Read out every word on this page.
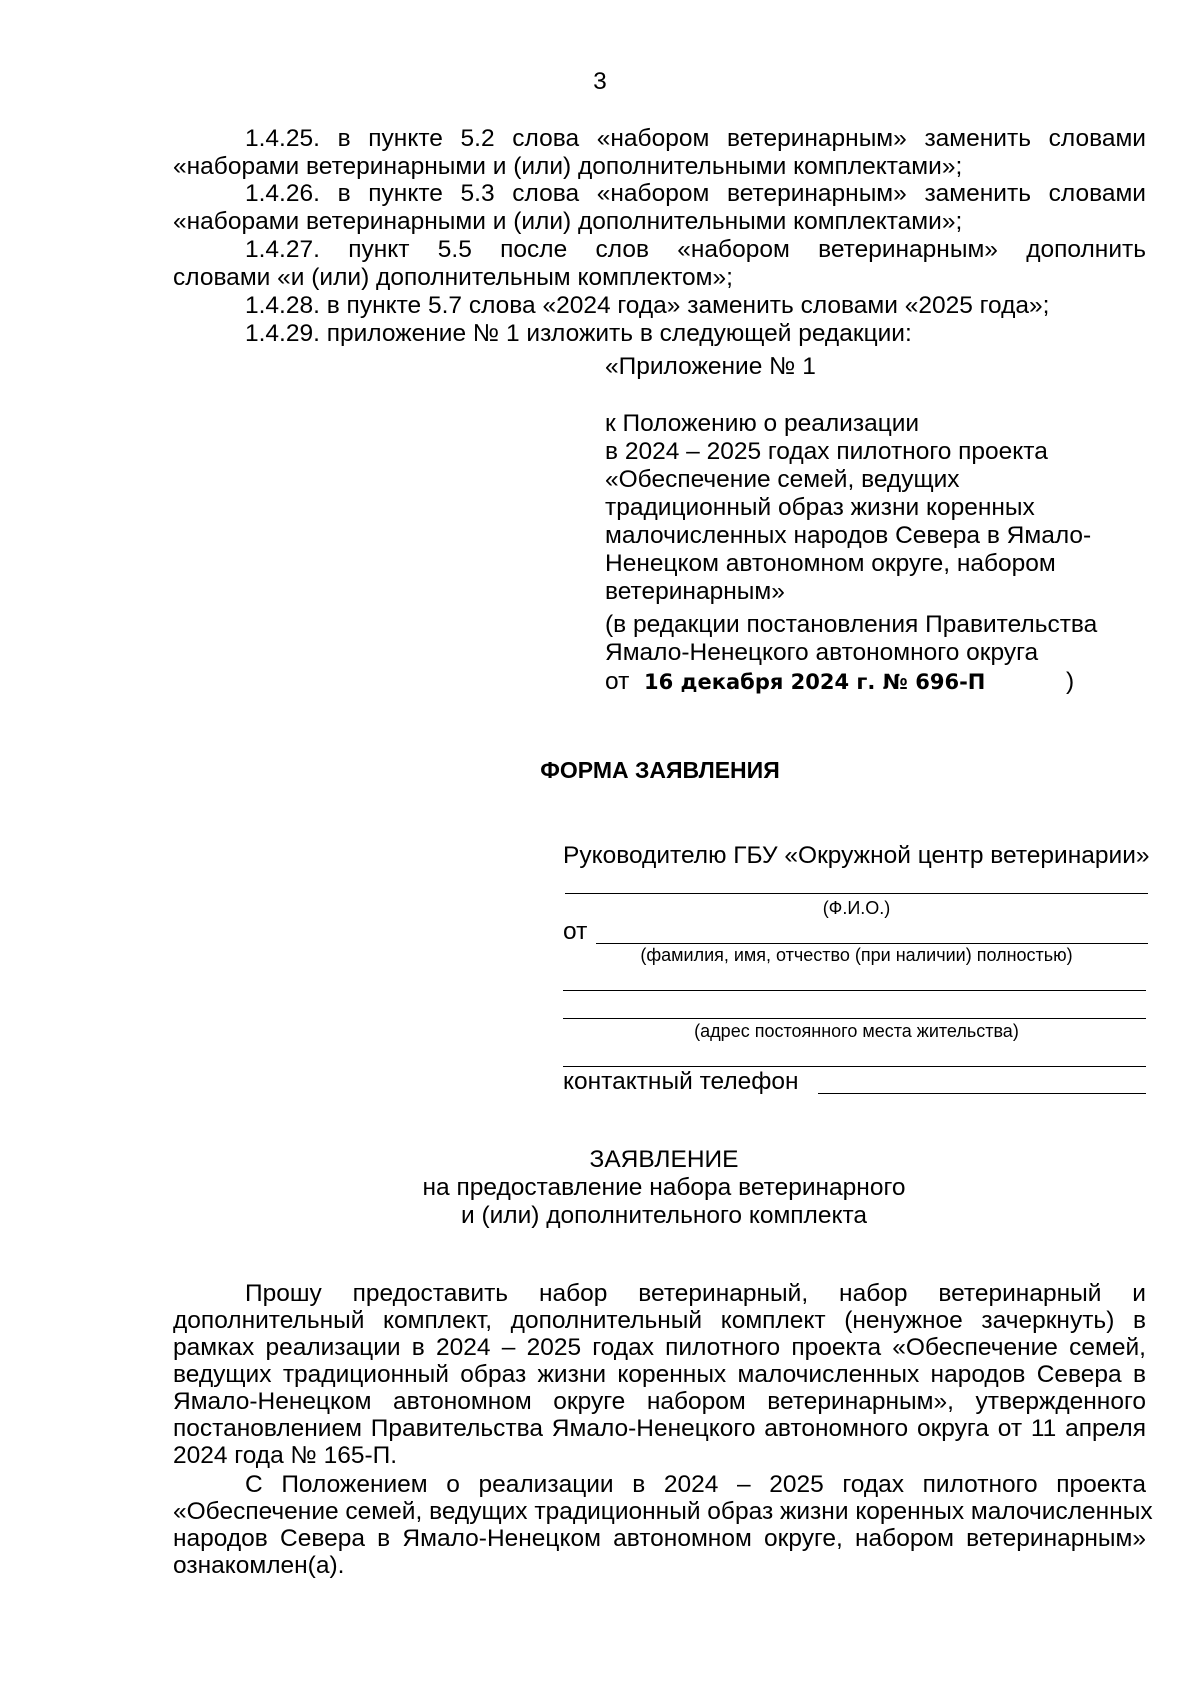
3
1.4.25. в пункте 5.2 слова «набором ветеринарным» заменить словами
«наборами ветеринарными и (или) дополнительными комплектами»;
1.4.26. в пункте 5.3 слова «набором ветеринарным» заменить словами
«наборами ветеринарными и (или) дополнительными комплектами»;
1.4.27. пункт 5.5 после слов «набором ветеринарным» дополнить
словами «и (или) дополнительным комплектом»;
1.4.28. в пункте 5.7 слова «2024 года» заменить словами «2025 года»;
1.4.29. приложение № 1 изложить в следующей редакции:
«Приложение № 1
к Положению о реализации
в 2024 – 2025 годах пилотного проекта
«Обеспечение семей, ведущих
традиционный образ жизни коренных
малочисленных народов Севера в Ямало-
Ненецком автономном округе, набором
ветеринарным»
(в редакции постановления Правительства
Ямало-Ненецкого автономного округа
от 16 декабря 2024 г. № 696-П	)
ФОРМА ЗАЯВЛЕНИЯ
Руководителю ГБУ «Окружной центр ветеринарии»
(Ф.И.О.)
от
(фамилия, имя, отчество (при наличии) полностью)
(адрес постоянного места жительства)
контактный телефон
ЗАЯВЛЕНИЕ
на предоставление набора ветеринарного
и (или) дополнительного комплекта
Прошу предоставить набор ветеринарный, набор ветеринарный и
дополнительный комплект, дополнительный комплект (ненужное зачеркнуть) в
рамках реализации в 2024 – 2025 годах пилотного проекта «Обеспечение семей,
ведущих традиционный образ жизни коренных малочисленных народов Севера в
Ямало-Ненецком автономном округе набором ветеринарным», утвержденного
постановлением Правительства Ямало-Ненецкого автономного округа от 11 апреля
2024 года № 165-П.
С Положением о реализации в 2024 – 2025 годах пилотного проекта
«Обеспечение семей, ведущих традиционный образ жизни коренных малочисленных
народов Севера в Ямало-Ненецком автономном округе, набором ветеринарным»
ознакомлен(а).
